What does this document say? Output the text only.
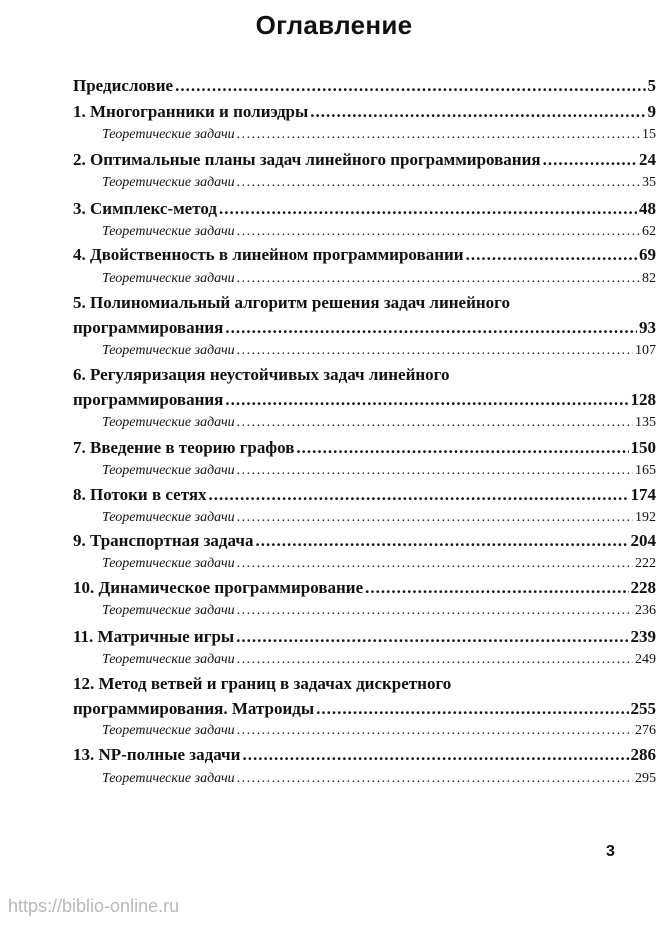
Оглавление
Предисловие .....	5
1. Многогранники и полиэдры .....	9
Теоретические задачи .....	15
2. Оптимальные планы задач линейного программирования .....	24
Теоретические задачи .....	35
3. Симплекс-метод .....	48
Теоретические задачи .....	62
4. Двойственность в линейном программировании .....	69
Теоретические задачи .....	82
5. Полиномиальный алгоритм решения задач линейного
программирования .....	93
Теоретические задачи .....	107
6. Регуляризация неустойчивых задач линейного
программирования .....	128
Теоретические задачи .....	135
7. Введение в теорию графов .....	150
Теоретические задачи .....	165
8. Потоки в сетях .....	174
Теоретические задачи .....	192
9. Транспортная задача .....	204
Теоретические задачи .....	222
10. Динамическое программирование .....	228
Теоретические задачи .....	236
11. Матричные игры .....	239
Теоретические задачи .....	249
12. Метод ветвей и границ в задачах дискретного
программирования. Матроиды .....	255
Теоретические задачи .....	276
13. NP-полные задачи .....	286
Теоретические задачи .....	295
3
https://biblio-online.ru
